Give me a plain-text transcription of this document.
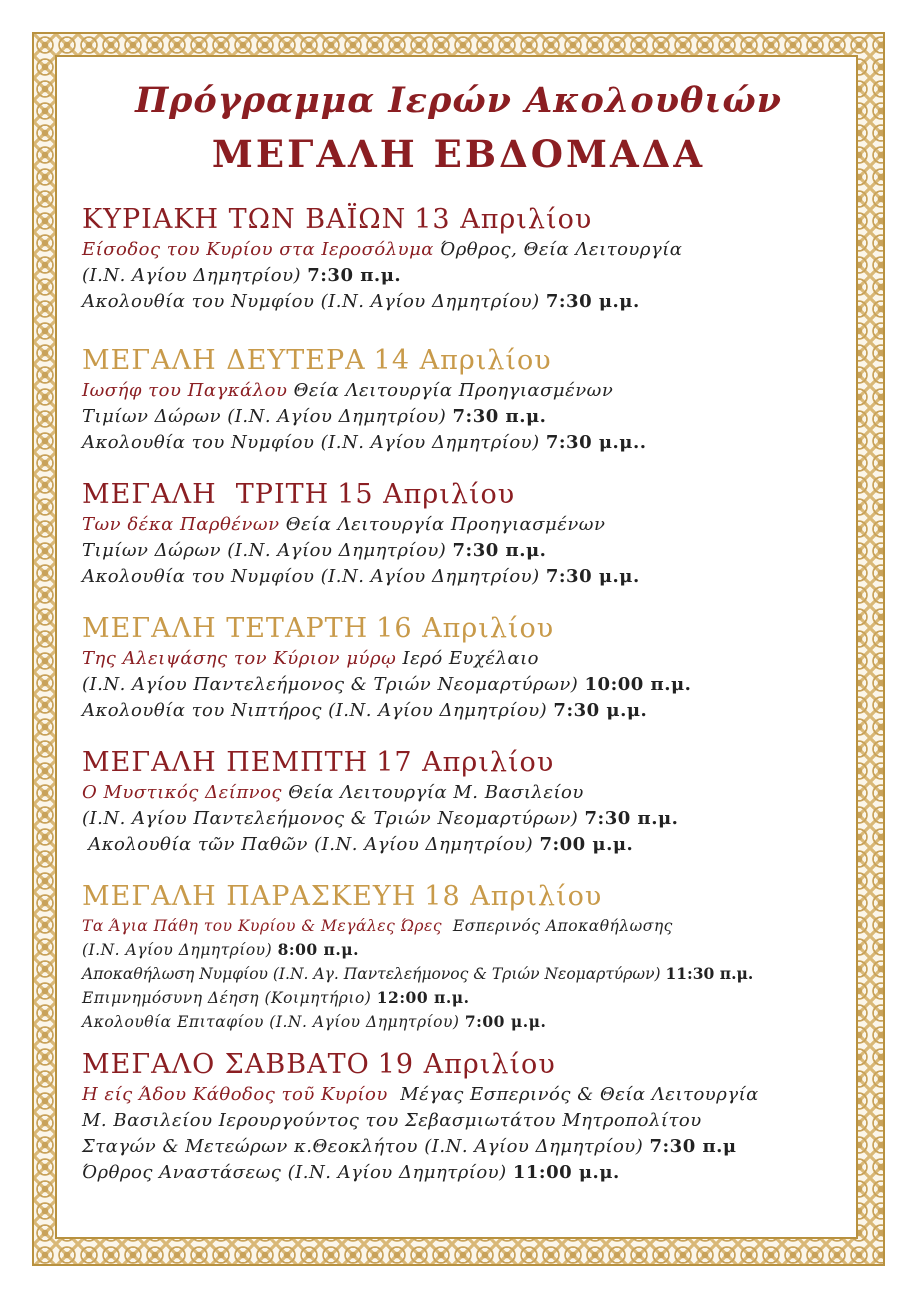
Πρόγραμμα Ιερών Ακολουθιών
ΜΕΓΑΛΗ ΕΒΔΟΜΑΔΑ
ΚΥΡΙΑΚΗ ΤΩΝ ΒΑΪΩΝ 13 Απριλίου
Είσοδος του Κυρίου στα Ιεροσόλυμα Όρθρος, Θεία Λειτουργία
(Ι.Ν. Αγίου Δημητρίου) 7:30 π.μ.
Ακολουθία του Νυμφίου (Ι.Ν. Αγίου Δημητρίου) 7:30 μ.μ.
ΜΕΓΑΛΗ ΔΕΥΤΕΡΑ 14 Απριλίου
Ιωσήφ του Παγκάλου Θεία Λειτουργία Προηγιασμένων
Τιμίων Δώρων (Ι.Ν. Αγίου Δημητρίου) 7:30 π.μ.
Ακολουθία του Νυμφίου (Ι.Ν. Αγίου Δημητρίου) 7:30 μ.μ..
ΜΕΓΑΛΗ  ΤΡΙΤΗ 15 Απριλίου
Των δέκα Παρθένων Θεία Λειτουργία Προηγιασμένων
Τιμίων Δώρων (Ι.Ν. Αγίου Δημητρίου) 7:30 π.μ.
Ακολουθία του Νυμφίου (Ι.Ν. Αγίου Δημητρίου) 7:30 μ.μ.
ΜΕΓΑΛΗ ΤΕΤΑΡΤΗ 16 Απριλίου
Της Αλειψάσης τον Κύριον μύρῳ Ιερό Ευχέλαιο
(Ι.Ν. Αγίου Παντελεήμονος & Τριών Νεομαρτύρων) 10:00 π.μ.
Ακολουθία του Νιπτήρος (Ι.Ν. Αγίου Δημητρίου) 7:30 μ.μ.
ΜΕΓΑΛΗ ΠΕΜΠΤΗ 17 Απριλίου
Ο Μυστικός Δείπνος Θεία Λειτουργία Μ. Βασιλείου
(Ι.Ν. Αγίου Παντελεήμονος & Τριών Νεομαρτύρων) 7:30 π.μ.
Ακολουθία τῶν Παθῶν (Ι.Ν. Αγίου Δημητρίου) 7:00 μ.μ.
ΜΕΓΑΛΗ ΠΑΡΑΣΚΕΥΗ 18 Απριλίου
Τα Άγια Πάθη του Κυρίου & Μεγάλες Ώρες Εσπερινός Αποκαθήλωσης
(Ι.Ν. Αγίου Δημητρίου) 8:00 π.μ.
Αποκαθήλωση Νυμφίου (Ι.Ν. Αγ. Παντελεήμονος & Τριών Νεομαρτύρων) 11:30 π.μ.
Επιμνημόσυνη Δέηση (Κοιμητήριο) 12:00 π.μ.
Ακολουθία Επιταφίου (Ι.Ν. Αγίου Δημητρίου) 7:00 μ.μ.
ΜΕΓΑΛΟ ΣΑΒΒΑΤΟ 19 Απριλίου
Η είς Άδου Κάθοδος τοῦ Κυρίου Μέγας Εσπερινός & Θεία Λειτουργία
Μ. Βασιλείου Ιερουργούντος του Σεβασμιωτάτου Μητροπολίτου
Σταγών & Μετεώρων κ.Θεοκλήτου (Ι.Ν. Αγίου Δημητρίου) 7:30 π.μ
Όρθρος Αναστάσεως (Ι.Ν. Αγίου Δημητρίου) 11:00 μ.μ.
